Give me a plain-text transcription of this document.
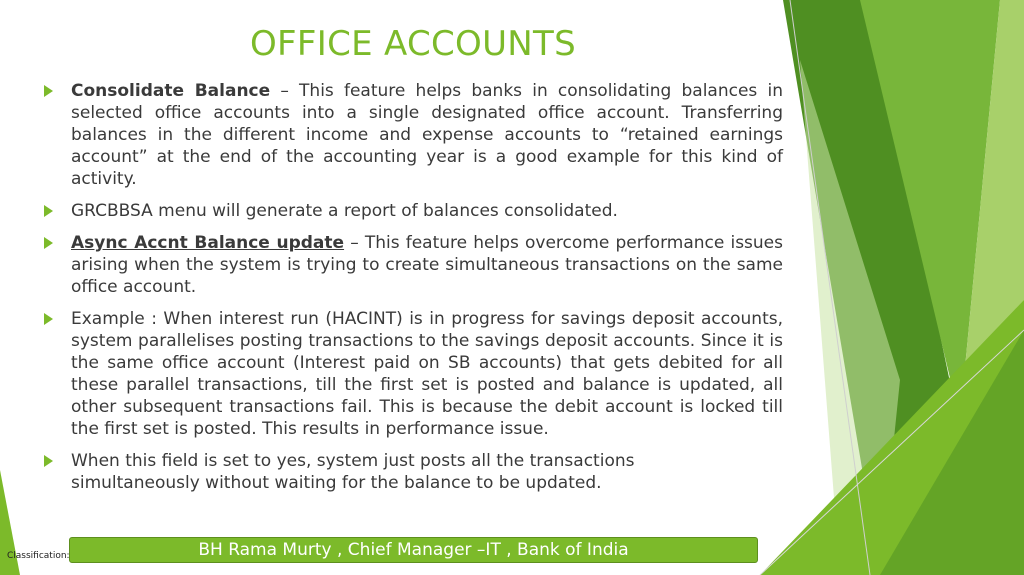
OFFICE ACCOUNTS
Consolidate Balance – This feature helps banks in consolidating balances in selected office accounts into a single designated office account. Transferring balances in the different income and expense accounts to “retained earnings account” at the end of the accounting year is a good example for this kind of activity.
GRCBBSA menu will generate a report of balances consolidated.
Async Accnt Balance update – This feature helps overcome performance issues arising when the system is trying to create simultaneous transactions on the same office account.
Example : When interest run (HACINT) is in progress for savings deposit accounts, system parallelises posting transactions to the savings deposit accounts. Since it is the same office account (Interest paid on SB accounts) that gets debited for all these parallel transactions, till the first set is posted and balance is updated, all other subsequent transactions fail. This is because the debit account is locked till the first set is posted. This results in performance issue.
When this field is set to yes, system just posts all the transactions simultaneously without waiting for the balance to be updated.
BH Rama Murty , Chief Manager –IT , Bank of India
Classification:
